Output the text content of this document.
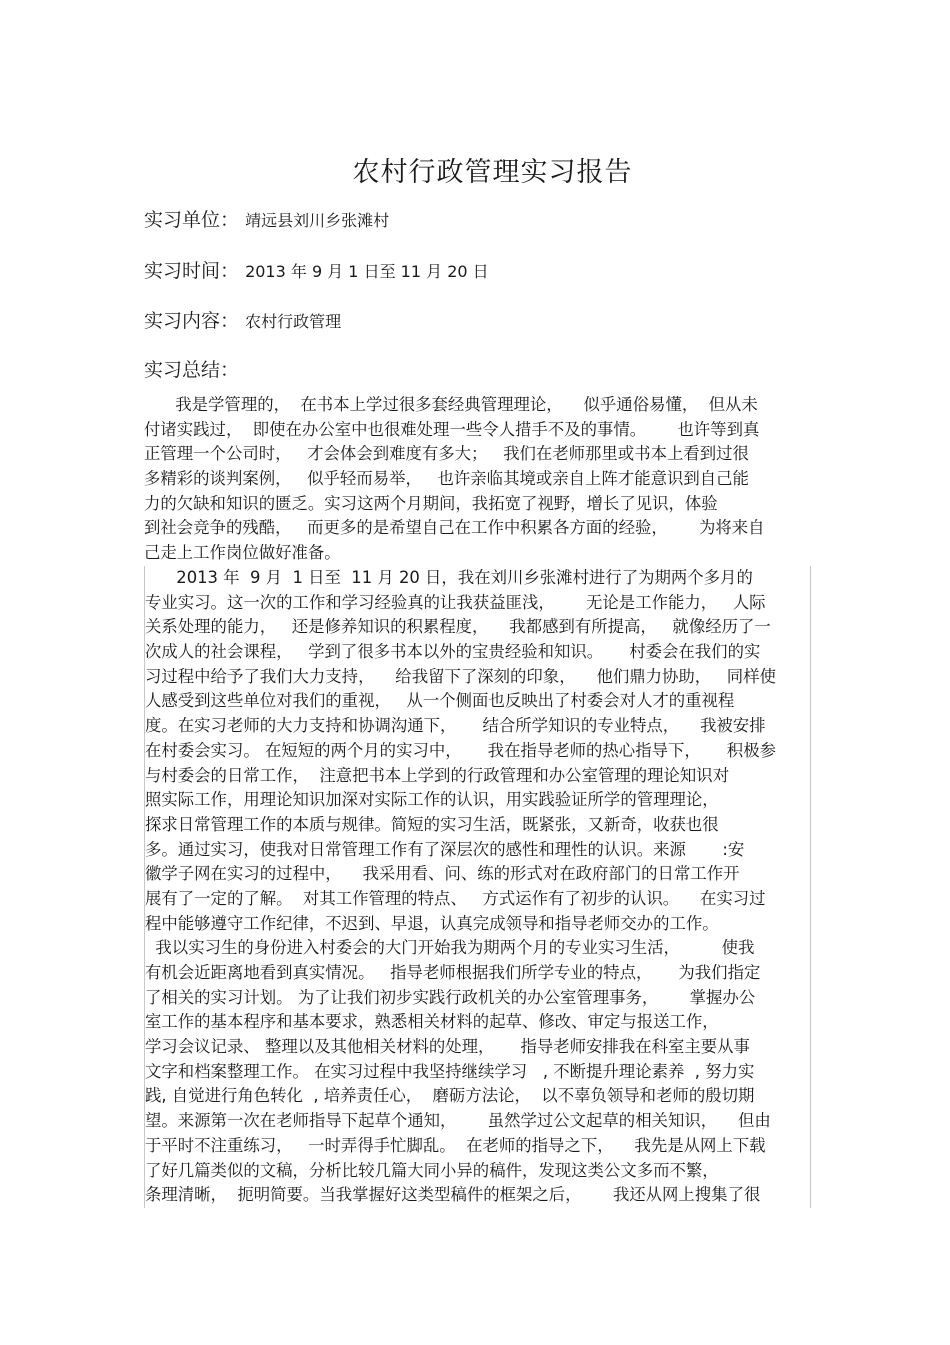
农村行政管理实习报告
实习单位： 靖远县刘川乡张滩村
实习时间： 2013 年 9 月 1 日至 11 月 20 日
实习内容： 农村行政管理
实习总结：
我是学管理的，  在书本上学过很多套经典管理理论，    似乎通俗易懂，  但从未
付诸实践过，  即使在办公室中也很难处理一些令人措手不及的事情。      也许等到真
正管理一个公司时，   才会体会到难度有多大；   我们在老师那里或书本上看到过很
多精彩的谈判案例，   似乎轻而易举，   也许亲临其境或亲自上阵才能意识到自己能
力的欠缺和知识的匮乏。实习这两个月期间，我拓宽了视野，增长了见识，体验
到社会竞争的残酷，   而更多的是希望自己在工作中积累各方面的经验，      为将来自
己走上工作岗位做好准备。
2013 年  9 月  1 日至  11 月 20 日，我在刘川乡张滩村进行了为期两个多月的
专业实习。这一次的工作和学习经验真的让我获益匪浅，      无论是工作能力，   人际
关系处理的能力，   还是修养知识的积累程度，    我都感到有所提高，   就像经历了一
次成人的社会课程，   学到了很多书本以外的宝贵经验和知识。     村委会在我们的实
习过程中给予了我们大力支持，    给我留下了深刻的印象，    他们鼎力协助，   同样使
人感受到这些单位对我们的重视，   从一个侧面也反映出了村委会对人才的重视程
度。在实习老师的大力支持和协调沟通下，     结合所学知识的专业特点，    我被安排
在村委会实习。 在短短的两个月的实习中，     我在指导老师的热心指导下，     积极参
与村委会的日常工作，  注意把书本上学到的行政管理和办公室管理的理论知识对
照实际工作，用理论知识加深对实际工作的认识，用实践验证所学的管理理论，
探求日常管理工作的本质与规律。简短的实习生活，既紧张，又新奇，收获也很
多。通过实习，使我对日常管理工作有了深层次的感性和理性的认识。来源       :安
徽学子网在实习的过程中，    我采用看、问、练的形式对在政府部门的日常工作开
展有了一定的了解。  对其工作管理的特点、   方式运作有了初步的认识。    在实习过
程中能够遵守工作纪律，不迟到、早退，认真完成领导和指导老师交办的工作。
我以实习生的身份进入村委会的大门开始我为期两个月的专业实习生活，        使我
有机会近距离地看到真实情况。   指导老师根据我们所学专业的特点，     为我们指定
了相关的实习计划。 为了让我们初步实践行政机关的办公室管理事务，      掌握办公
室工作的基本程序和基本要求，熟悉相关材料的起草、修改、审定与报送工作，
学习会议记录、 整理以及其他相关材料的处理，     指导老师安排我在科室主要从事
文字和档案整理工作。 在实习过程中我坚持继续学习   , 不断提升理论素养  , 努力实
践, 自觉进行角色转化  , 培养责任心，  磨砺方法论，  以不辜负领导和老师的殷切期
望。来源第一次在老师指导下起草个通知，      虽然学过公文起草的相关知识，    但由
于平时不注重练习，   一时弄得手忙脚乱。  在老师的指导之下，    我先是从网上下载
了好几篇类似的文稿，分析比较几篇大同小异的稿件，发现这类公文多而不繁，
条理清晰，  扼明简要。当我掌握好这类型稿件的框架之后，      我还从网上搜集了很
